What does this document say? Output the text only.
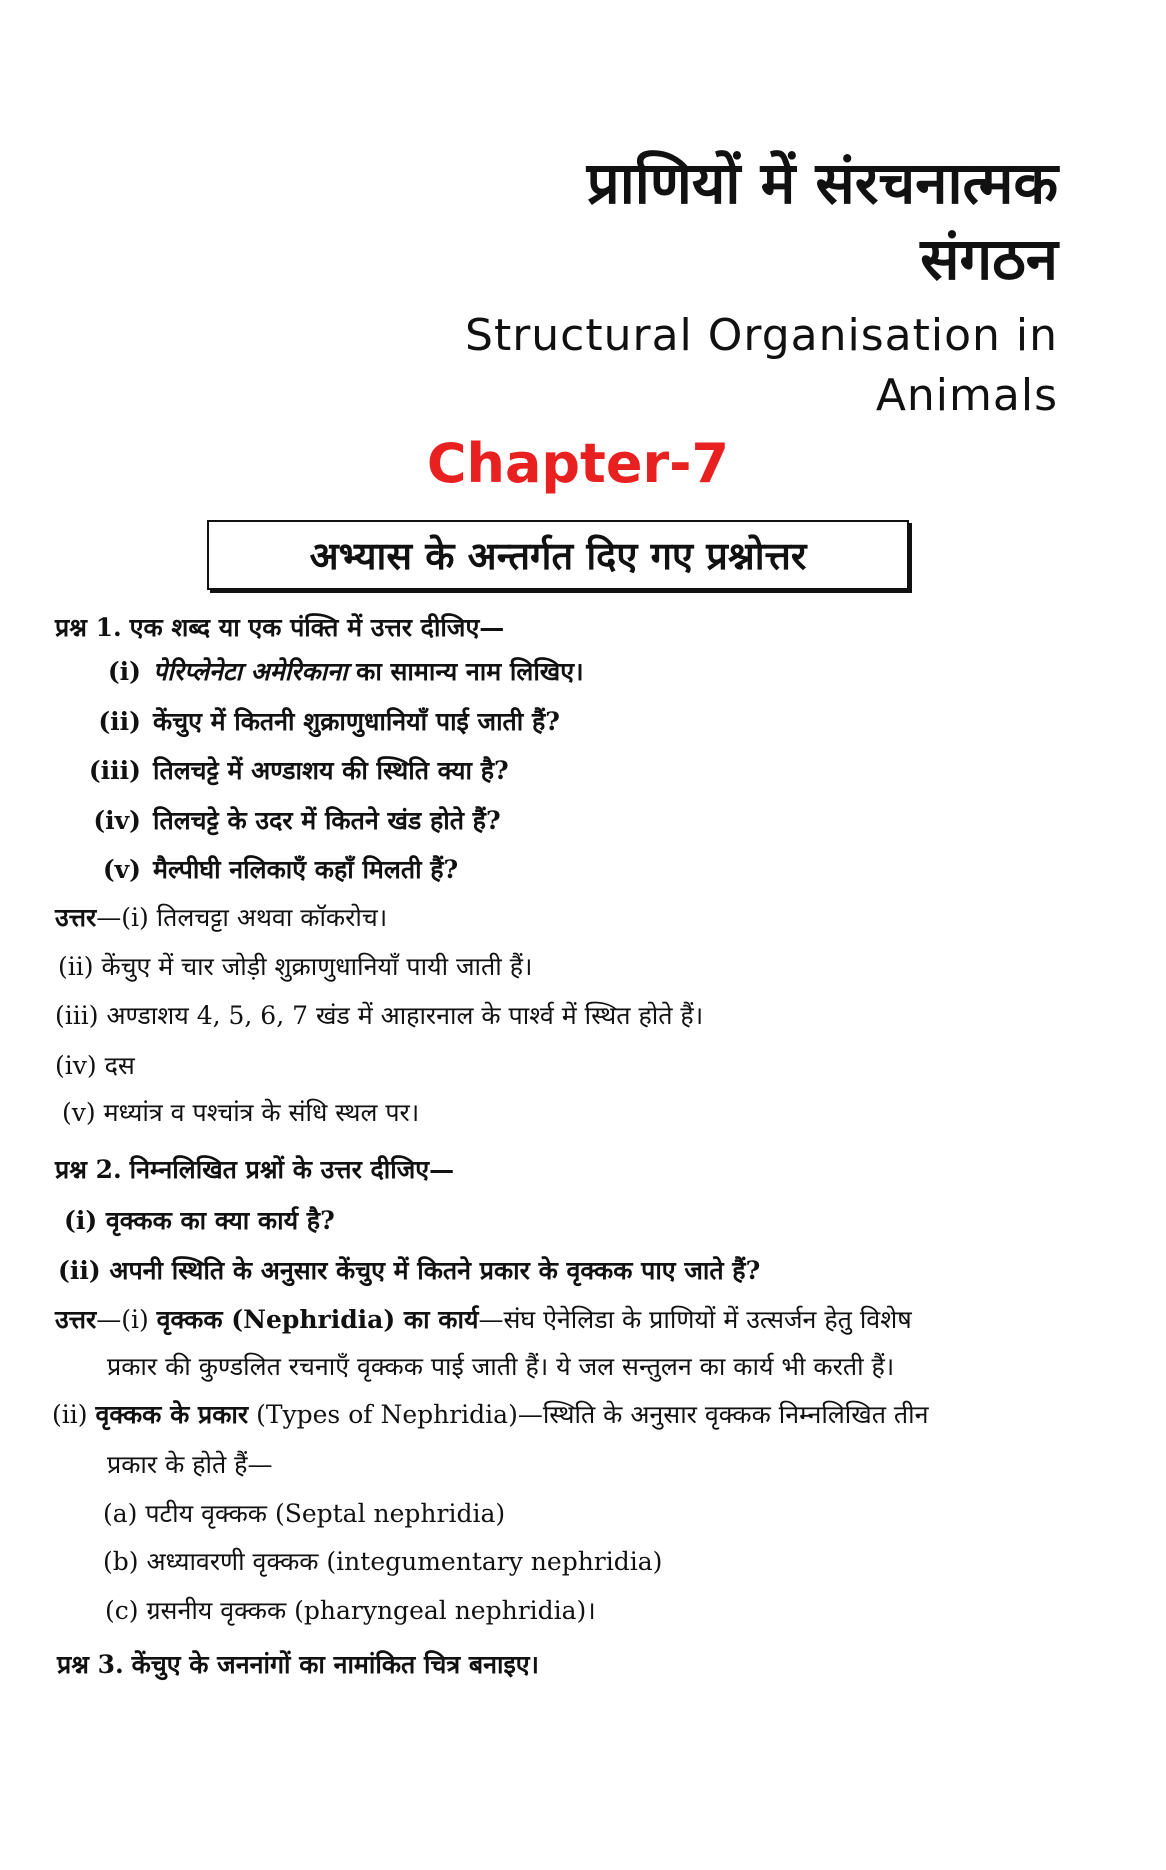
प्राणियों में संरचनात्मक
संगठन
Structural Organisation in
Animals
Chapter-7
अभ्यास के अन्तर्गत दिए गए प्रश्नोत्तर
प्रश्न 1. एक शब्द या एक पंक्ति में उत्तर दीजिए—
(i) पेरिप्लेनेटा अमेरिकाना का सामान्य नाम लिखिए।
(ii) केंचुए में कितनी शुक्राणुधानियाँ पाई जाती हैं?
(iii) तिलचट्टे में अण्डाशय की स्थिति क्या है?
(iv) तिलचट्टे के उदर में कितने खंड होते हैं?
(v) मैल्पीघी नलिकाएँ कहाँ मिलती हैं?
उत्तर—(i) तिलचट्टा अथवा कॉकरोच।
(ii) केंचुए में चार जोड़ी शुक्राणुधानियाँ पायी जाती हैं।
(iii) अण्डाशय 4, 5, 6, 7 खंड में आहारनाल के पार्श्व में स्थित होते हैं।
(iv) दस
(v) मध्यांत्र व पश्चांत्र के संधि स्थल पर।
प्रश्न 2. निम्नलिखित प्रश्नों के उत्तर दीजिए—
(i) वृक्कक का क्या कार्य है?
(ii) अपनी स्थिति के अनुसार केंचुए में कितने प्रकार के वृक्कक पाए जाते हैं?
उत्तर—(i) वृक्कक (Nephridia) का कार्य—संघ ऐनेलिडा के प्राणियों में उत्सर्जन हेतु विशेष
प्रकार की कुण्डलित रचनाएँ वृक्कक पाई जाती हैं। ये जल सन्तुलन का कार्य भी करती हैं।
(ii) वृक्कक के प्रकार (Types of Nephridia)—स्थिति के अनुसार वृक्कक निम्नलिखित तीन
प्रकार के होते हैं—
(a) पटीय वृक्कक (Septal nephridia)
(b) अध्यावरणी वृक्कक (integumentary nephridia)
(c) ग्रसनीय वृक्कक (pharyngeal nephridia)।
प्रश्न 3. केंचुए के जननांगों का नामांकित चित्र बनाइए।
